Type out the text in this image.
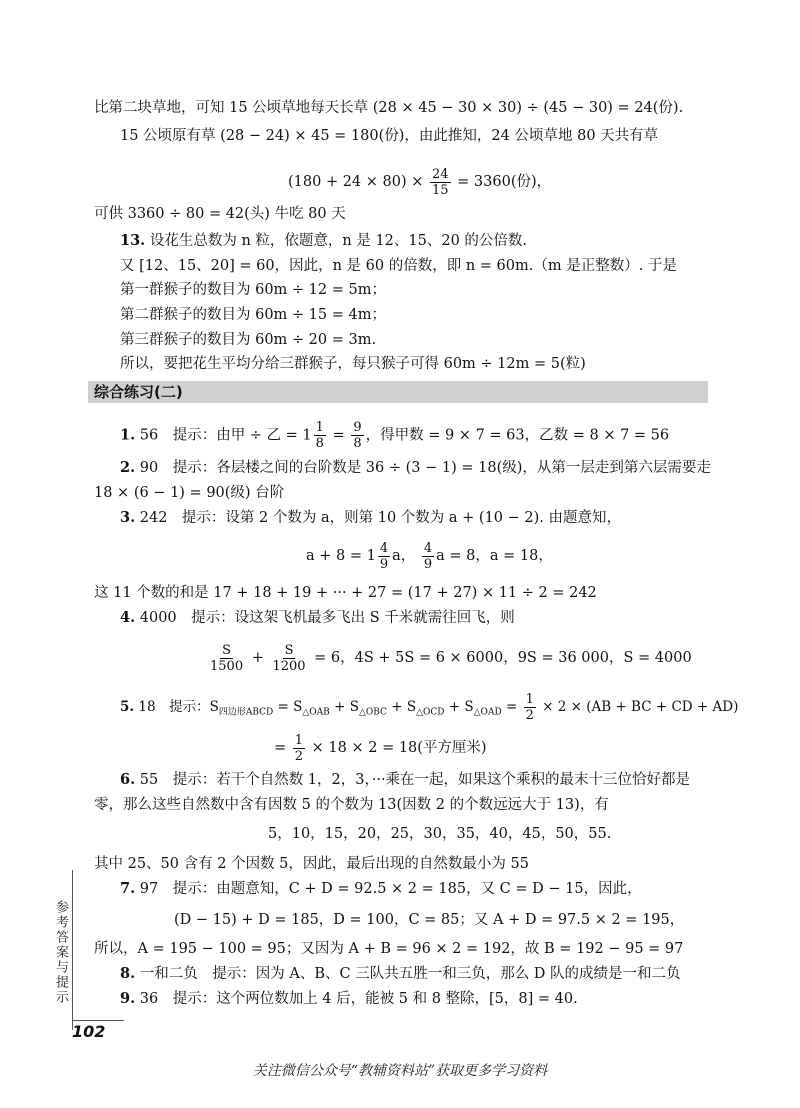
比第二块草地，可知 15 公顷草地每天长草 (28 × 45 − 30 × 30) ÷ (45 − 30) = 24(份).
15 公顷原有草 (28 − 24) × 45 = 180(份)，由此推知，24 公顷草地 80 天共有草
$(180 + 24 \times 80) \times \frac{24}{15} = 3360$(份)，
可供 3360 ÷ 80 = 42(头) 牛吃 80 天
13. 设花生总数为 n 粒，依题意，n 是 12、15、20 的公倍数.
又 [12、15、20] = 60，因此，n 是 60 的倍数，即 n = 60m.（m 是正整数）. 于是
第一群猴子的数目为 60m ÷ 12 = 5m；
第二群猴子的数目为 60m ÷ 15 = 4m；
第三群猴子的数目为 60m ÷ 20 = 3m.
所以，要把花生平均分给三群猴子，每只猴子可得 60m ÷ 12m = 5(粒)
综合练习(二)
1. 56　提示：由甲 ÷ 乙 = $1 \frac{1}{8} = \frac{9}{8}$ ，得甲数 = 9 × 7 = 63，乙数 = 8 × 7 = 56
2. 90　提示：各层楼之间的台阶数是 36 ÷ (3 − 1) = 18(级)，从第一层走到第六层需要走
18 × (6 − 1) = 90(级) 台阶
3. 242　提示：设第 2 个数为 a，则第 10 个数为 a + (10 − 2). 由题意知，
$a + 8 = 1 \frac{4}{9}$ a， $\frac{4}{9}$ a = 8，a = 18，
这 11 个数的和是 17 + 18 + 19 + ··· + 27 = (17 + 27) × 11 ÷ 2 = 242
4. 4000　提示：设这架飞机最多飞出 S 千米就需往回飞，则
$\frac{S}{1500} + \frac{S}{1200} = 6$，4S + 5S = 6 × 6000，9S = 36 000，S = 4000
5. 18　提示：$S_{四边形ABCD} = S_{\triangle OAB} + S_{\triangle OBC} + S_{\triangle OCD} + S_{\triangle OAD} = \frac{1}{2} \times 2 \times (AB$ + BC + CD + AD)
= $\frac{1}{2} \times 18 \times 2 = 18$(平方厘米)
6. 55　提示：若干个自然数 1，2，3，···乘在一起，如果这个乘积的最末十三位恰好都是
零，那么这些自然数中含有因数 5 的个数为 13(因数 2 的个数远远大于 13)，有
5，10，15，20，25，30，35，40，45，50，55.
其中 25、50 含有 2 个因数 5，因此，最后出现的自然数最小为 55
7. 97　提示：由题意知，C + D = 92.5 × 2 = 185，又 C = D − 15，因此，
(D − 15) + D = 185，D = 100，C = 85；又 A + D = 97.5 × 2 = 195，
所以，A = 195 − 100 = 95；又因为 A + B = 96 × 2 = 192，故 B = 192 − 95 = 97
8. 一和二负　提示：因为 A、B、C 三队共五胜一和三负，那么 D 队的成绩是一和二负
9. 36　提示：这个两位数加上 4 后，能被 5 和 8 整除，[5，8] = 40.
参考答案与提示
102
关注微信公众号“教辅资料站”获取更多学习资料
